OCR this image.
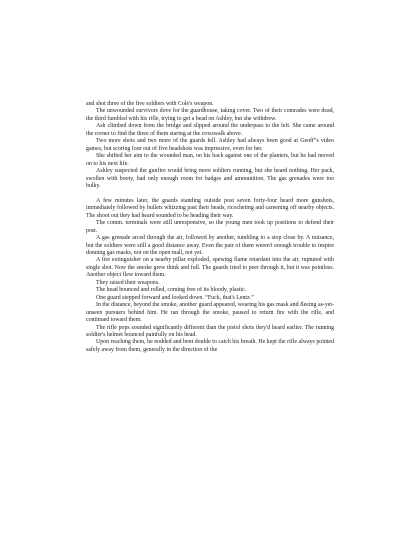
and shot three of the five soldiers with Cole's weapon.

The unwounded survivors dove for the guardhouse, taking cover. Two of their comrades were dead, the third fumbled with his rifle, trying to get a bead on Ashley, but she withdrew.

Ash climbed down from the bridge and slipped around the underpass to the left. She came around the corner to find the three of them staring at the crosswalk above.

Two more shots and two more of the guards fell. Ashley had always been good at Geoff”s video games, but scoring four out of five headshots was impressive, even for her.

She shifted her aim to the wounded man, on his back against one of the planters, but he had moved on to his next life.

Ashley suspected the gunfire would bring more soldiers running, but she heard nothing. Her pack, swollen with booty, had only enough room for badges and ammunition. The gas grenades were too bulky.

A few minutes later, the guards standing outside post seven forty-four heard more gunshots, immediately followed by bullets whizzing past their heads, ricocheting and careening off nearby objects. The shoot out they had heard sounded to be heading their way.

The comm. terminals were still unresponsive, so the young men took up positions to defend their post.

A gas grenade arced through the air, followed by another, tumbling to a stop close by. A nuisance, but the soldiers were still a good distance away. Even the pair of them weren't enough trouble to inspire donning gas masks, not on the open mall, not yet.

A fire extinguisher on a nearby pillar exploded, spewing flame retardant into the air, ruptured with single shot. Now the smoke grew think and full. The guards tried to peer through it, but it was pointless. Another object flew toward them.

They raised their weapons.

The head bounced and rolled, coming free of its bloody, plastic.

One guard stepped forward and looked down. “Fuck, that's Lentz.”

In the distance, beyond the smoke, another guard appeared, wearing his gas mask and fleeing as-yet-unseen pursuers behind him. He ran through the smoke, paused to return fire with the rifle, and continued toward them.

The rifle pops sounded significantly different than the pistol shots they'd heard earlier. The running soldier's helmet bounced painfully on his head.

Upon reaching them, he nodded and bent double to catch his breath. He kept the rifle always pointed safely away from them, generally in the direction of the
